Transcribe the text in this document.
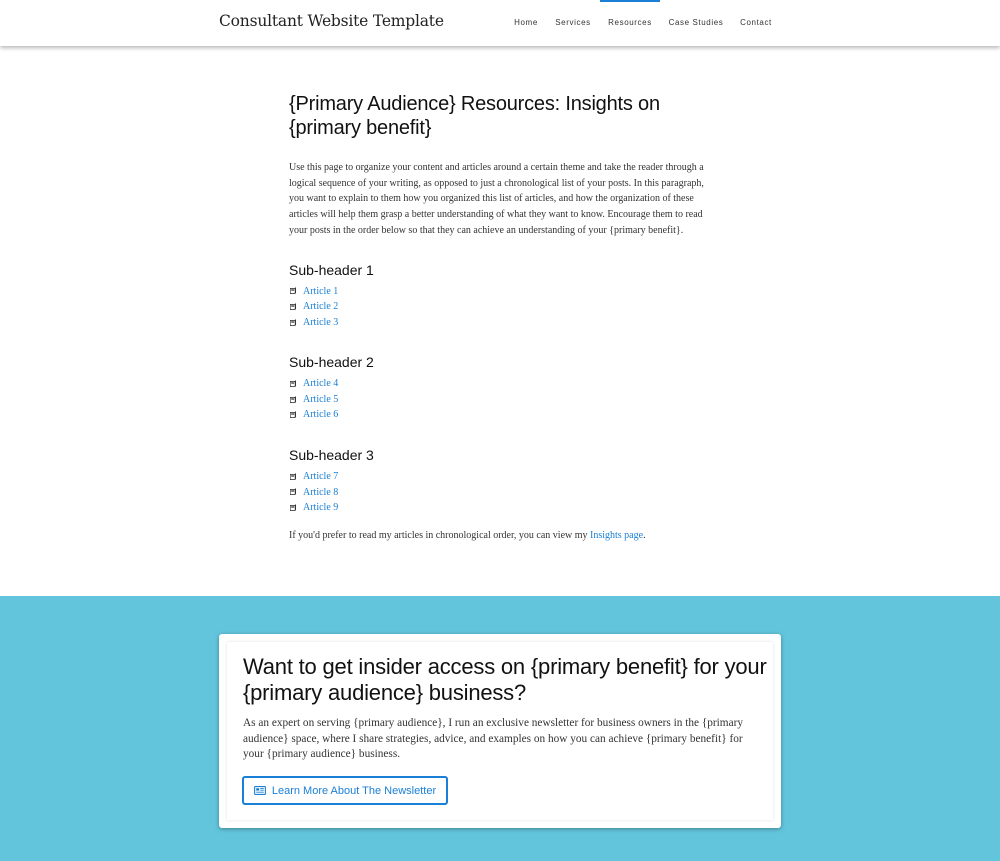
Consultant Website Template	Home	Services	Resources	Case Studies	Contact
{Primary Audience} Resources: Insights on {primary benefit}

Use this page to organize your content and articles around a certain theme and take the reader through a logical sequence of your writing, as opposed to just a chronological list of your posts. In this paragraph, you want to explain to them how you organized this list of articles, and how the organization of these articles will help them grasp a better understanding of what they want to know. Encourage them to read your posts in the order below so that they can achieve an understanding of your {primary benefit}.

Sub-header 1
Article 1
Article 2
Article 3
Sub-header 2
Article 4
Article 5
Article 6
Sub-header 3
Article 7
Article 8
Article 9

If you'd prefer to read my articles in chronological order, you can view my Insights page.

Want to get insider access on {primary benefit} for your {primary audience} business?

As an expert on serving {primary audience}, I run an exclusive newsletter for business owners in the {primary audience} space, where I share strategies, advice, and examples on how you can achieve {primary benefit} for your {primary audience} business.

Learn More About The Newsletter
